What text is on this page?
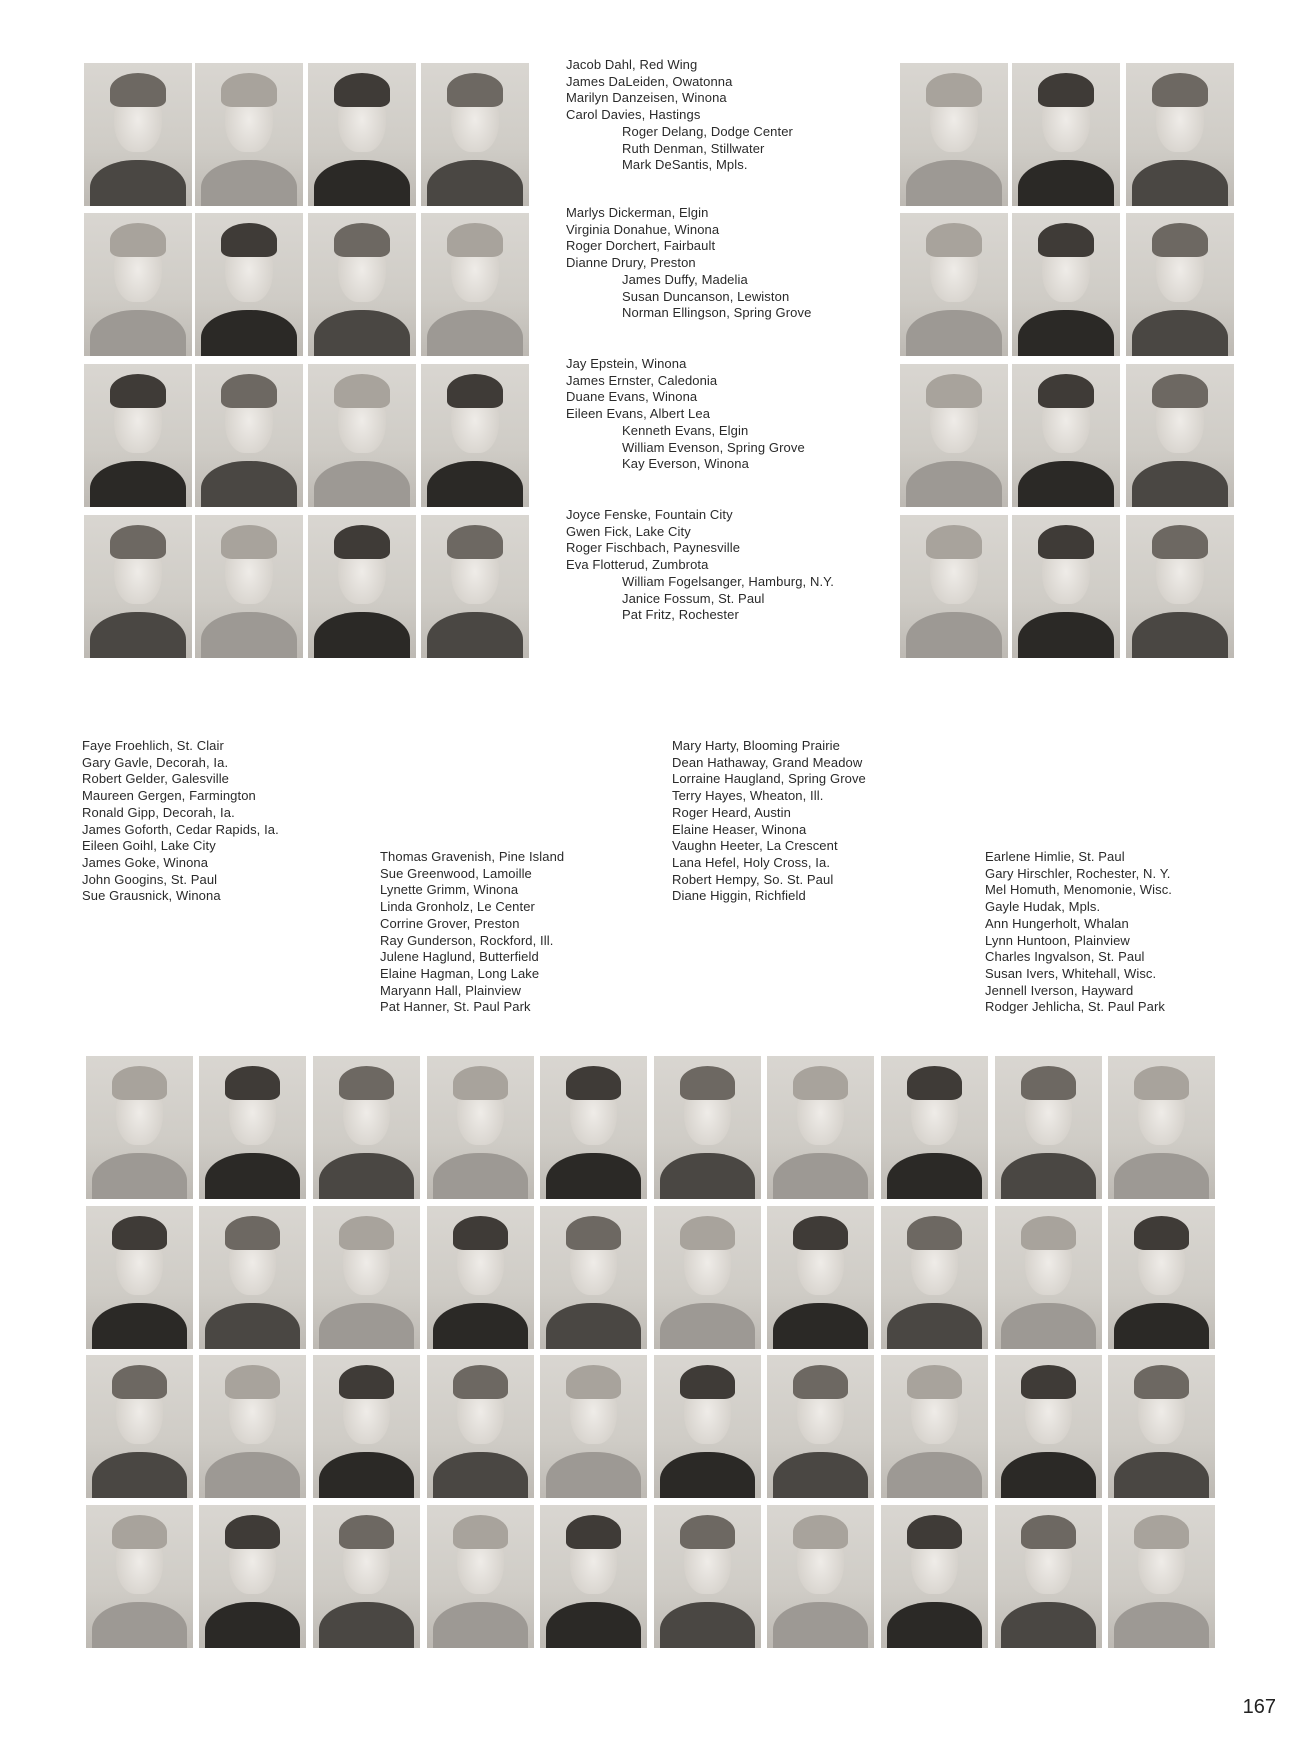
Jacob Dahl, Red Wing
James DaLeiden, Owatonna
Marilyn Danzeisen, Winona
Carol Davies, Hastings
Roger Delang, Dodge Center
Ruth Denman, Stillwater
Mark DeSantis, Mpls.
Marlys Dickerman, Elgin
Virginia Donahue, Winona
Roger Dorchert, Fairbault
Dianne Drury, Preston
James Duffy, Madelia
Susan Duncanson, Lewiston
Norman Ellingson, Spring Grove
Jay Epstein, Winona
James Ernster, Caledonia
Duane Evans, Winona
Eileen Evans, Albert Lea
Kenneth Evans, Elgin
William Evenson, Spring Grove
Kay Everson, Winona
Joyce Fenske, Fountain City
Gwen Fick, Lake City
Roger Fischbach, Paynesville
Eva Flotterud, Zumbrota
William Fogelsanger, Hamburg, N.Y.
Janice Fossum, St. Paul
Pat Fritz, Rochester
Faye Froehlich, St. Clair
Gary Gavle, Decorah, Ia.
Robert Gelder, Galesville
Maureen Gergen, Farmington
Ronald Gipp, Decorah, Ia.
James Goforth, Cedar Rapids, Ia.
Eileen Goihl, Lake City
James Goke, Winona
John Googins, St. Paul
Sue Grausnick, Winona
Thomas Gravenish, Pine Island
Sue Greenwood, Lamoille
Lynette Grimm, Winona
Linda Gronholz, Le Center
Corrine Grover, Preston
Ray Gunderson, Rockford, Ill.
Julene Haglund, Butterfield
Elaine Hagman, Long Lake
Maryann Hall, Plainview
Pat Hanner, St. Paul Park
Mary Harty, Blooming Prairie
Dean Hathaway, Grand Meadow
Lorraine Haugland, Spring Grove
Terry Hayes, Wheaton, Ill.
Roger Heard, Austin
Elaine Heaser, Winona
Vaughn Heeter, La Crescent
Lana Hefel, Holy Cross, Ia.
Robert Hempy, So. St. Paul
Diane Higgin, Richfield
Earlene Himlie, St. Paul
Gary Hirschler, Rochester, N. Y.
Mel Homuth, Menomonie, Wisc.
Gayle Hudak, Mpls.
Ann Hungerholt, Whalan
Lynn Huntoon, Plainview
Charles Ingvalson, St. Paul
Susan Ivers, Whitehall, Wisc.
Jennell Iverson, Hayward
Rodger Jehlicha, St. Paul Park
167
